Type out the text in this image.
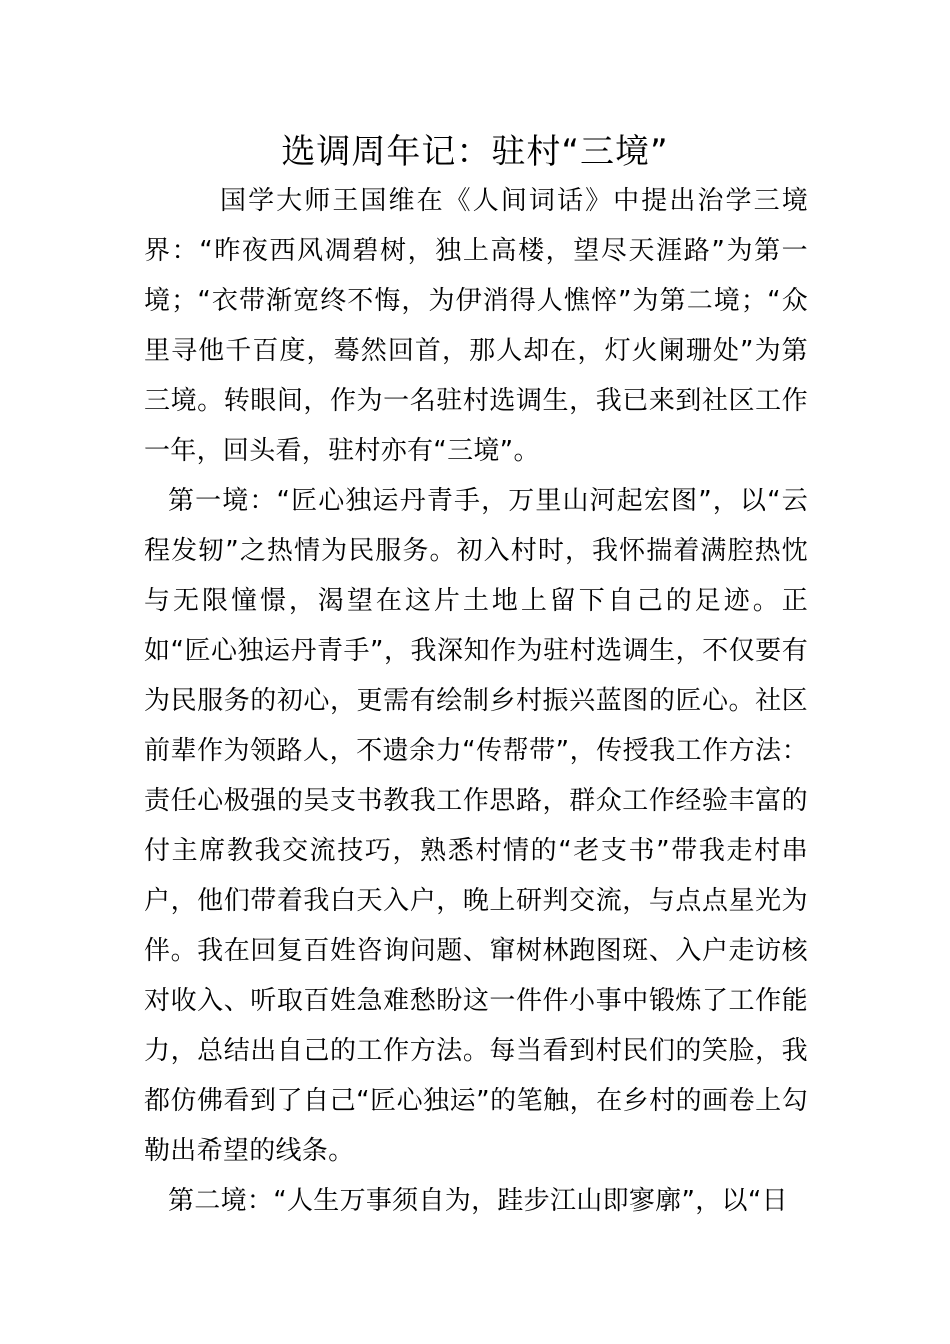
选调周年记：驻村“三境”

国学大师王国维在《人间词话》中提出治学三境界：“昨夜西风凋碧树，独上高楼，望尽天涯路”为第一境；“衣带渐宽终不悔，为伊消得人憔悴”为第二境；“众里寻他千百度，蓦然回首，那人却在，灯火阑珊处”为第三境。转眼间，作为一名驻村选调生，我已来到社区工作一年，回头看，驻村亦有“三境”。

第一境：“匠心独运丹青手，万里山河起宏图”，以“云程发轫”之热情为民服务。初入村时，我怀揣着满腔热忱与无限憧憬，渴望在这片土地上留下自己的足迹。正如“匠心独运丹青手”，我深知作为驻村选调生，不仅要有为民服务的初心，更需有绘制乡村振兴蓝图的匠心。社区前辈作为领路人，不遗余力“传帮带”，传授我工作方法：责任心极强的吴支书教我工作思路，群众工作经验丰富的付主席教我交流技巧，熟悉村情的“老支书”带我走村串户，他们带着我白天入户，晚上研判交流，与点点星光为伴。我在回复百姓咨询问题、窜树林跑图斑、入户走访核对收入、听取百姓急难愁盼这一件件小事中锻炼了工作能力，总结出自己的工作方法。每当看到村民们的笑脸，我都仿佛看到了自己“匠心独运”的笔触，在乡村的画卷上勾勒出希望的线条。

第二境：“人生万事须自为，跬步江山即寥廓”，以“日
